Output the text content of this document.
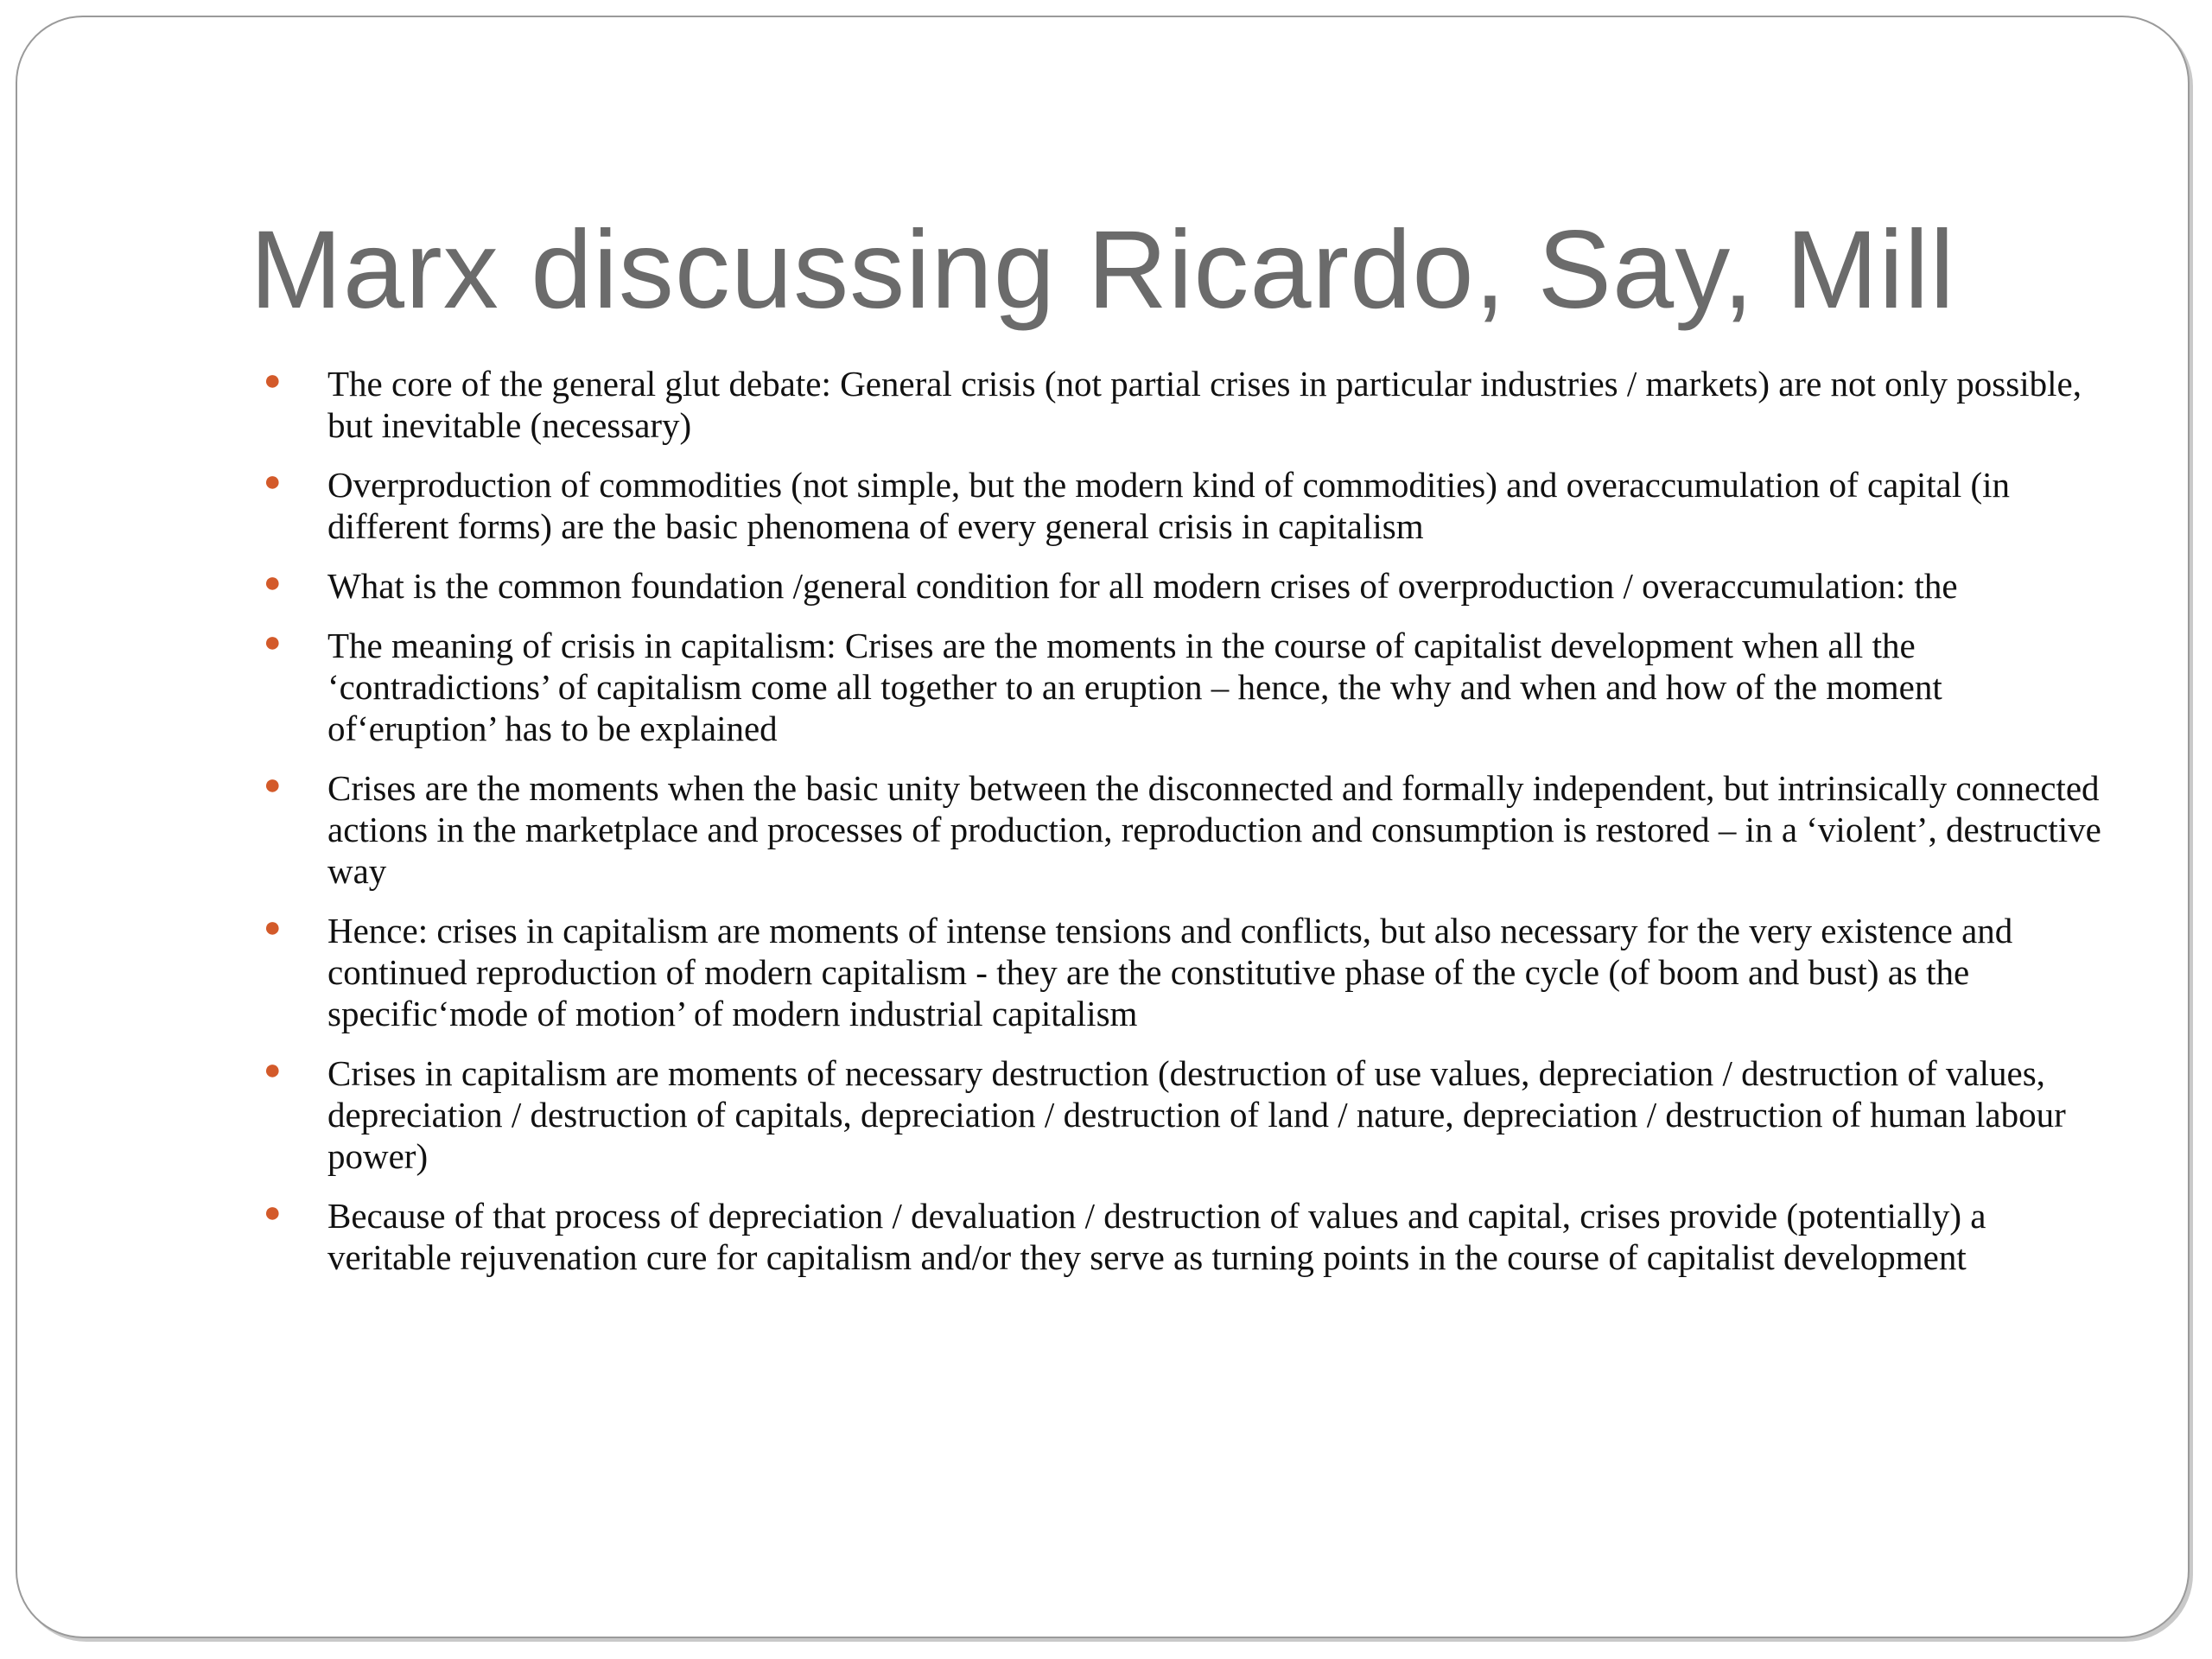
Marx discussing Ricardo, Say, Mill
● The core of the general glut debate: General crisis (not partial crises in particular industries / markets) are not only possible, but inevitable (necessary)
● Overproduction of commodities (not simple, but the modern kind of commodities) and overaccumulation of capital (in different forms) are the basic phenomena of every general crisis in capitalism
● What is the common foundation /general condition for all modern crises of overproduction / overaccumulation: the
● The meaning of crisis in capitalism: Crises are the moments in the course of capitalist development when all the ‘contradictions’ of capitalism come all together to an eruption – hence, the why and when and how of the moment of‘eruption’ has to be explained
● Crises are the moments when the basic unity between the disconnected and formally independent, but intrinsically connected actions in the marketplace and processes of production, reproduction and consumption is restored – in a ‘violent’, destructive way
● Hence: crises in capitalism are moments of intense tensions and conflicts, but also necessary for the very existence and continued reproduction of modern capitalism - they are the constitutive phase of the cycle (of boom and bust) as the specific‘mode of motion’ of modern industrial capitalism
● Crises in capitalism are moments of necessary destruction (destruction of use values, depreciation / destruction of values, depreciation / destruction of capitals, depreciation / destruction of land / nature, depreciation / destruction of human labour power)
● Because of that process of depreciation / devaluation / destruction of values and capital, crises provide (potentially) a veritable rejuvenation cure for capitalism and/or they serve as turning points in the course of capitalist development
